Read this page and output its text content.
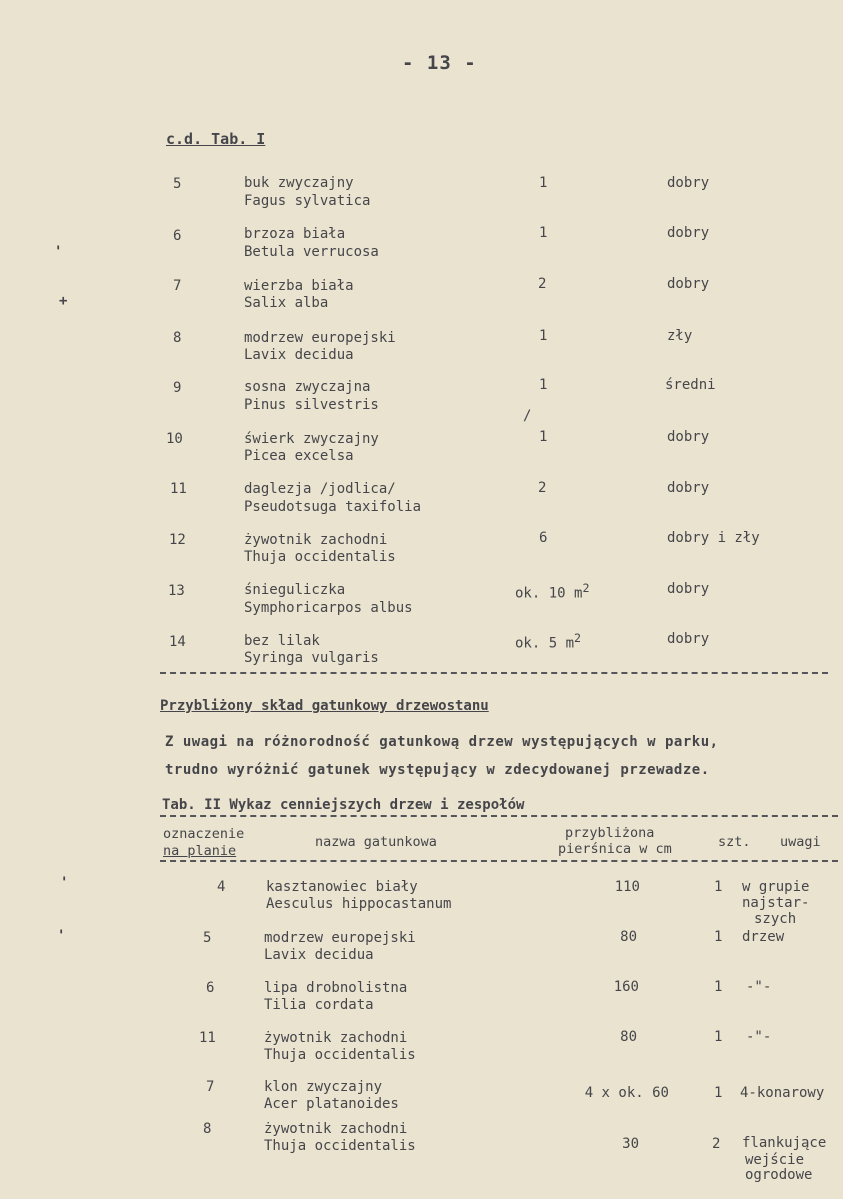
'
+
'
'
- 13 -
c.d. Tab. I
5	buk zwyczajny
Fagus sylvatica
1	dobry
6	brzoza biała
Betula verrucosa
1	dobry
7	wierzba biała
Salix alba
2	dobry
8	modrzew europejski
Lavix decidua
1	zły
9	sosna zwyczajna
Pinus silvestris
1	średni
/
10	świerk zwyczajny
Picea excelsa
1	dobry
11	daglezja /jodlica/
Pseudotsuga taxifolia
2	dobry
12	żywotnik zachodni
Thuja occidentalis
6	dobry i zły
13	śnieguliczka
Symphoricarpos albus
ok. 10 $m^2$	dobry
14	bez lilak
Syringa vulgaris
ok. 5 $m^2$	dobry
Przybliżony skład gatunkowy drzewostanu
Z uwagi na różnorodność gatunkową drzew występujących w parku,
trudno wyróżnić gatunek występujący w zdecydowanej przewadze.
Tab. II Wykaz cenniejszych drzew i zespołów
oznaczenie
na planie
nazwa gatunkowa
przybliżona
pierśnica w cm	szt. uwagi
4	kasztanowiec biały
Aesculus hippocastanum
110	1 w grupie
najstar-
szych
5	modrzew europejski
Lavix decidua
80	1 drzew
6	lipa drobnolistna
Tilia cordata
160	1 -"-
11	żywotnik zachodni
Thuja occidentalis
80	1 -"-
7	klon zwyczajny
Acer platanoides
4 x ok. 60	1 4-konarowy
8	żywotnik zachodni
Thuja occidentalis	30	2 flankujące
wejście
ogrodowe
